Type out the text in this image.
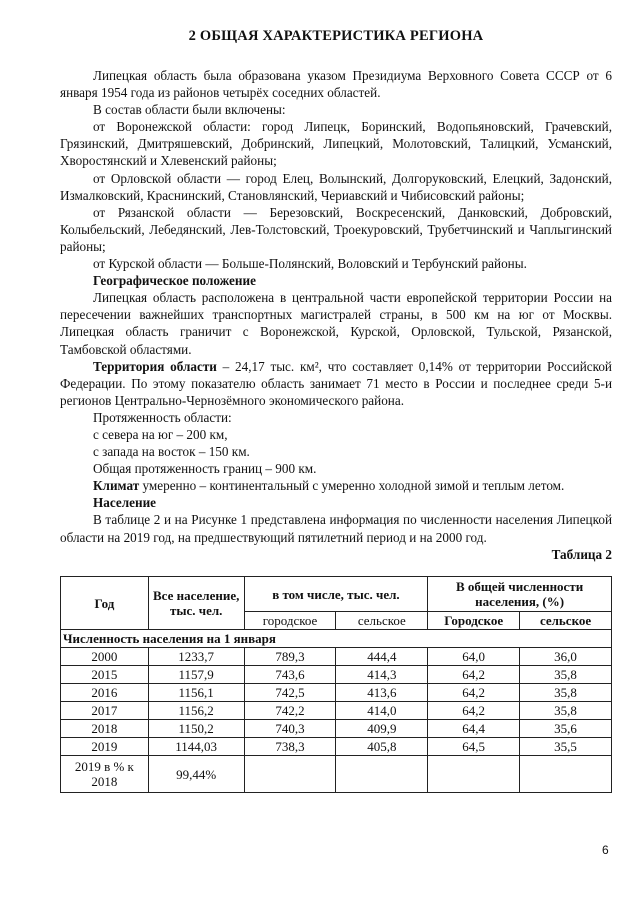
2 ОБЩАЯ ХАРАКТЕРИСТИКА РЕГИОНА

Липецкая область была образована указом Президиума Верховного Совета СССР от 6 января 1954 года из районов четырёх соседних областей.

В состав области были включены:

от Воронежской области: город Липецк, Боринский, Водопьяновский, Грачевский, Грязинский, Дмитряшевский, Добринский, Липецкий, Молотовский, Талицкий, Усманский, Хворостянский и Хлевенский районы;

от Орловской области — город Елец, Волынский, Долгоруковский, Елецкий, Задонский, Измалковский, Краснинский, Становлянский, Чериавский и Чибисовский районы;

от Рязанской области — Березовский, Воскресенский, Данковский, Добровский, Колыбельский, Лебедянский, Лев-Толстовский, Троекуровский, Трубетчинский и Чаплыгинский районы;

от Курской области — Больше-Полянский, Воловский и Тербунский районы.

Географическое положение

Липецкая область расположена в центральной части европейской территории России на пересечении важнейших транспортных магистралей страны, в 500 км на юг от Москвы. Липецкая область граничит с Воронежской, Курской, Орловской, Тульской, Рязанской, Тамбовской областями.

Территория области – 24,17 тыс. км², что составляет 0,14% от территории Российской Федерации. По этому показателю область занимает 71 место в России и последнее среди 5-и регионов Центрально-Чернозёмного экономического района.

Протяженность области:

с севера на юг – 200 км,

с запада на восток – 150 км.

Общая протяженность границ – 900 км.

Климат умеренно – континентальный с умеренно холодной зимой и теплым летом.

Население

В таблице 2 и на Рисунке 1 представлена информация по численности населения Липецкой области на 2019 год, на предшествующий пятилетний период и на 2000 год.

Таблица 2

Год	Все население, тыс. чел.	в том числе, тыс. чел.		В общей численности населения, (%)	
		городское	сельское	Городское	сельское
Численность населения на 1 января					
2000	1233,7	789,3	444,4	64,0	36,0
2015	1157,9	743,6	414,3	64,2	35,8
2016	1156,1	742,5	413,6	64,2	35,8
2017	1156,2	742,2	414,0	64,2	35,8
2018	1150,2	740,3	409,9	64,4	35,6
2019	1144,03	738,3	405,8	64,5	35,5
2019 в % к 2018	99,44%				
6
